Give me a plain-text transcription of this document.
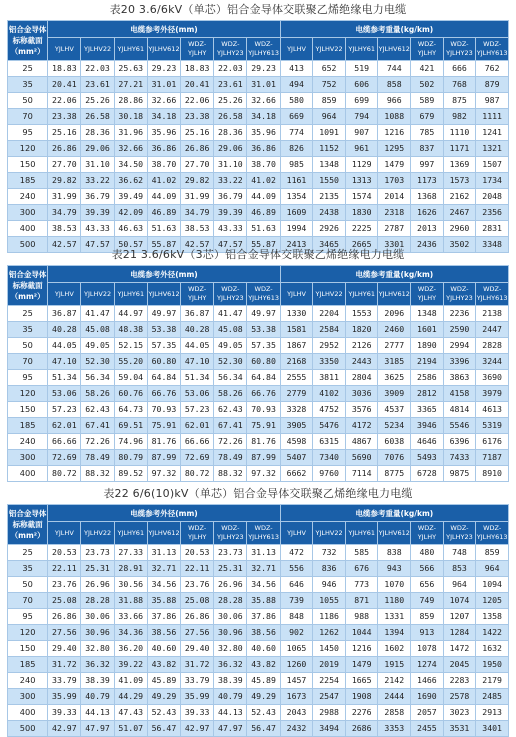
表20 3.6/6kV（单芯）铝合金导体交联聚乙烯绝缘电力电缆
铝合金导体标称截面（mm²）	电缆参考外径(mm)							电缆参考重量(kg/km)						
	YJLHV	YJLHV22	YJLHY61	YJLHV612	WDZ-YJLHY	WDZ-YJLHY23	WDZ-YJLHY613	YJLHV	YJLHV22	YJLHY61	YJLHV612	WDZ-YJLHY	WDZ-YJLHY23	WDZ-YJLHY613
25	18.83	22.03	25.63	29.23	18.83	22.03	29.23	413	652	519	744	421	666	762
35	20.41	23.61	27.21	31.01	20.41	23.61	31.01	494	752	606	858	502	768	879
50	22.06	25.26	28.86	32.66	22.06	25.26	32.66	580	859	699	966	589	875	987
70	23.38	26.58	30.18	34.18	23.38	26.58	34.18	669	964	794	1088	679	982	1111
95	25.16	28.36	31.96	35.96	25.16	28.36	35.96	774	1091	907	1216	785	1110	1241
120	26.86	29.06	32.66	36.86	26.86	29.06	36.86	826	1152	961	1295	837	1171	1321
150	27.70	31.10	34.50	38.70	27.70	31.10	38.70	985	1348	1129	1479	997	1369	1507
185	29.82	33.22	36.62	41.02	29.82	33.22	41.02	1161	1550	1313	1703	1173	1573	1734
240	31.99	36.79	39.49	44.09	31.99	36.79	44.09	1354	2135	1574	2014	1368	2162	2048
300	34.79	39.39	42.09	46.89	34.79	39.39	46.89	1609	2438	1830	2318	1626	2467	2356
400	38.53	43.33	46.63	51.63	38.53	43.33	51.63	1994	2926	2225	2787	2013	2960	2831
500	42.57	47.57	50.57	55.87	42.57	47.57	55.87	2413	3465	2665	3301	2436	3502	3348
表21 3.6/6kV（3芯）铝合金导体交联聚乙烯绝缘电力电缆
铝合金导体标称截面（mm²）	电缆参考外径(mm)							电缆参考重量(kg/km)						
	YJLHV	YJLHV22	YJLHY61	YJLHV612	WDZ-YJLHY	WDZ-YJLHY23	WDZ-YJLHY613	YJLHV	YJLHV22	YJLHY61	YJLHV612	WDZ-YJLHY	WDZ-YJLHY23	WDZ-YJLHY613
25	36.87	41.47	44.97	49.97	36.87	41.47	49.97	1330	2204	1553	2096	1348	2236	2138
35	40.28	45.08	48.38	53.38	40.28	45.08	53.38	1581	2584	1820	2460	1601	2590	2447
50	44.05	49.05	52.15	57.35	44.05	49.05	57.35	1867	2952	2126	2777	1890	2994	2828
70	47.10	52.30	55.20	60.80	47.10	52.30	60.80	2168	3350	2443	3185	2194	3396	3244
95	51.34	56.34	59.04	64.84	51.34	56.34	64.84	2555	3811	2804	3625	2586	3863	3690
120	53.06	58.26	60.76	66.76	53.06	58.26	66.76	2779	4102	3036	3909	2812	4158	3979
150	57.23	62.43	64.73	70.93	57.23	62.43	70.93	3328	4752	3576	4537	3365	4814	4613
185	62.01	67.41	69.51	75.91	62.01	67.41	75.91	3905	5476	4172	5234	3946	5546	5319
240	66.66	72.26	74.96	81.76	66.66	72.26	81.76	4598	6315	4867	6038	4646	6396	6176
300	72.69	78.49	80.79	87.99	72.69	78.49	87.99	5407	7340	5690	7076	5493	7433	7187
400	80.72	88.32	89.52	97.32	80.72	88.32	97.32	6662	9760	7114	8775	6728	9875	8910
表22 6/6(10)kV（单芯）铝合金导体交联聚乙烯绝缘电力电缆
铝合金导体标称截面（mm²）	电缆参考外径(mm)							电缆参考重量(kg/km)						
	YJLHV	YJLHV22	YJLHY61	YJLHV612	WDZ-YJLHY	WDZ-YJLHY23	WDZ-YJLHY613	YJLHV	YJLHV22	YJLHY61	YJLHV612	WDZ-YJLHY	WDZ-YJLHY23	WDZ-YJLHY613
25	20.53	23.73	27.33	31.13	20.53	23.73	31.13	472	732	585	838	480	748	859
35	22.11	25.31	28.91	32.71	22.11	25.31	32.71	556	836	676	943	566	853	964
50	23.76	26.96	30.56	34.56	23.76	26.96	34.56	646	946	773	1070	656	964	1094
70	25.08	28.28	31.88	35.88	25.08	28.28	35.88	739	1055	871	1180	749	1074	1205
95	26.86	30.06	33.66	37.86	26.86	30.06	37.86	848	1186	988	1331	859	1207	1358
120	27.56	30.96	34.36	38.56	27.56	30.96	38.56	902	1262	1044	1394	913	1284	1422
150	29.40	32.80	36.20	40.60	29.40	32.80	40.60	1065	1450	1216	1602	1078	1472	1632
185	31.72	36.32	39.22	43.82	31.72	36.32	43.82	1260	2019	1479	1915	1274	2045	1950
240	33.79	38.39	41.09	45.89	33.79	38.39	45.89	1457	2254	1665	2142	1466	2283	2179
300	35.99	40.79	44.29	49.29	35.99	40.79	49.29	1673	2547	1908	2444	1690	2578	2485
400	39.33	44.13	47.43	52.43	39.33	44.13	52.43	2043	2988	2276	2858	2057	3023	2913
500	42.97	47.97	51.07	56.47	42.97	47.97	56.47	2432	3494	2686	3353	2455	3531	3401
